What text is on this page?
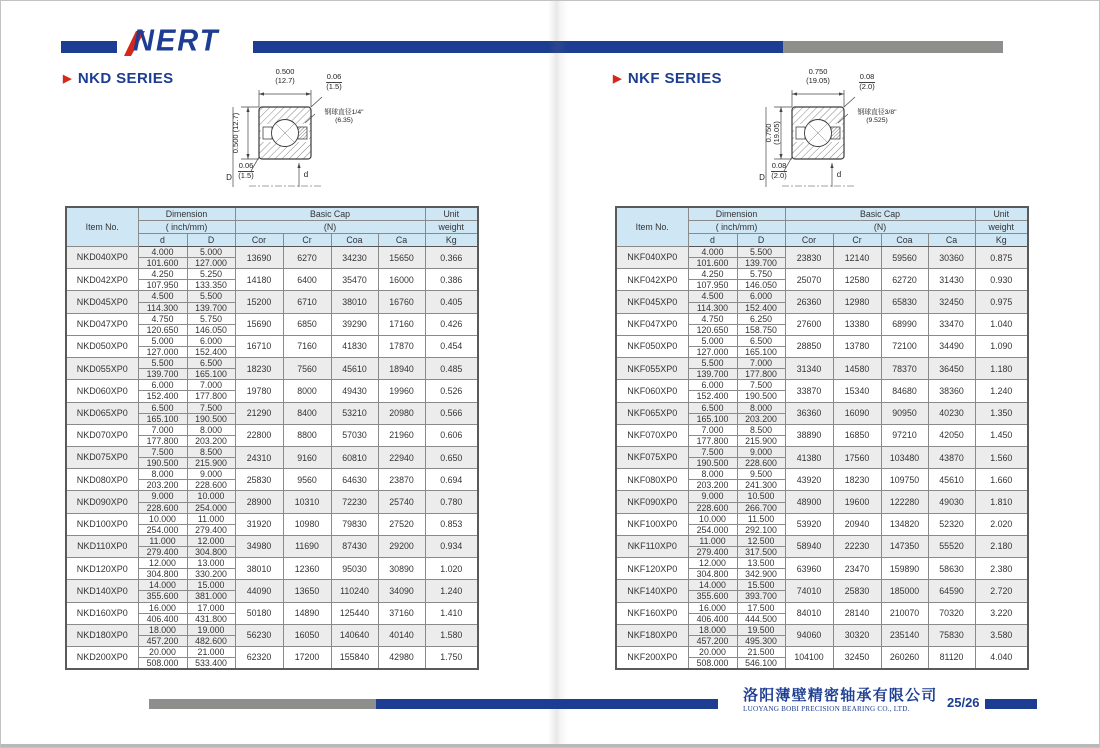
NERT
▶ NKD SERIES	0.500
(12.7)	0.06
(1.5)
0.500 (12.7)
0.06
(1.5)
钢球直径1/4"
(6.35)
D	d
Item No.	Dimension		Basic Cap				Unit
	( inch/mm)		(N)				weight
	d	D	Cor	Cr	Coa	Ca	Kg
NKD040XP0	4.000	5.000	13690	6270	34230	15650	0.366
	101.600	127.000					
NKD042XP0	4.250	5.250	14180	6400	35470	16000	0.386
	107.950	133.350					
NKD045XP0	4.500	5.500	15200	6710	38010	16760	0.405
	114.300	139.700					
NKD047XP0	4.750	5.750	15690	6850	39290	17160	0.426
	120.650	146.050					
NKD050XP0	5.000	6.000	16710	7160	41830	17870	0.454
	127.000	152.400					
NKD055XP0	5.500	6.500	18230	7560	45610	18940	0.485
	139.700	165.100					
NKD060XP0	6.000	7.000	19780	8000	49430	19960	0.526
	152.400	177.800					
NKD065XP0	6.500	7.500	21290	8400	53210	20980	0.566
	165.100	190.500					
NKD070XP0	7.000	8.000	22800	8800	57030	21960	0.606
	177.800	203.200					
NKD075XP0	7.500	8.500	24310	9160	60810	22940	0.650
	190.500	215.900					
NKD080XP0	8.000	9.000	25830	9560	64630	23870	0.694
	203.200	228.600					
NKD090XP0	9.000	10.000	28900	10310	72230	25740	0.780
	228.600	254.000					
NKD100XP0	10.000	11.000	31920	10980	79830	27520	0.853
	254.000	279.400					
NKD110XP0	11.000	12.000	34980	11690	87430	29200	0.934
	279.400	304.800					
NKD120XP0	12.000	13.000	38010	12360	95030	30890	1.020
	304.800	330.200					
NKD140XP0	14.000	15.000	44090	13650	110240	34090	1.240
	355.600	381.000					
NKD160XP0	16.000	17.000	50180	14890	125440	37160	1.410
	406.400	431.800					
NKD180XP0	18.000	19.000	56230	16050	140640	40140	1.580
	457.200	482.600					
NKD200XP0	20.000	21.000	62320	17200	155840	42980	1.750
	508.000	533.400					
▶ NKF SERIES	0.750
(19.05)	0.08
(2.0)
0.750 (19.05)
0.08
(2.0)
钢球直径3/8"
(9.525)
D	d
Item No.	Dimension		Basic Cap				Unit
	( inch/mm)		(N)				weight
	d	D	Cor	Cr	Coa	Ca	Kg
NKF040XP0	4.000	5.500	23830	12140	59560	30360	0.875
	101.600	139.700					
NKF042XP0	4.250	5.750	25070	12580	62720	31430	0.930
	107.950	146.050					
NKF045XP0	4.500	6.000	26360	12980	65830	32450	0.975
	114.300	152.400					
NKF047XP0	4.750	6.250	27600	13380	68990	33470	1.040
	120.650	158.750					
NKF050XP0	5.000	6.500	28850	13780	72100	34490	1.090
	127.000	165.100					
NKF055XP0	5.500	7.000	31340	14580	78370	36450	1.180
	139.700	177.800					
NKF060XP0	6.000	7.500	33870	15340	84680	38360	1.240
	152.400	190.500					
NKF065XP0	6.500	8.000	36360	16090	90950	40230	1.350
	165.100	203.200					
NKF070XP0	7.000	8.500	38890	16850	97210	42050	1.450
	177.800	215.900					
NKF075XP0	7.500	9.000	41380	17560	103480	43870	1.560
	190.500	228.600					
NKF080XP0	8.000	9.500	43920	18230	109750	45610	1.660
	203.200	241.300					
NKF090XP0	9.000	10.500	48900	19600	122280	49030	1.810
	228.600	266.700					
NKF100XP0	10.000	11.500	53920	20940	134820	52320	2.020
	254.000	292.100					
NKF110XP0	11.000	12.500	58940	22230	147350	55520	2.180
	279.400	317.500					
NKF120XP0	12.000	13.500	63960	23470	159890	58630	2.380
	304.800	342.900					
NKF140XP0	14.000	15.500	74010	25830	185000	64590	2.720
	355.600	393.700					
NKF160XP0	16.000	17.500	84010	28140	210070	70320	3.220
	406.400	444.500					
NKF180XP0	18.000	19.500	94060	30320	235140	75830	3.580
	457.200	495.300					
NKF200XP0	20.000	21.500	104100	32450	260260	81120	4.040
	508.000	546.100					
洛阳薄壁精密轴承有限公司
LUOYANG BOBI PRECISION BEARING CO., LTD.	25/26
